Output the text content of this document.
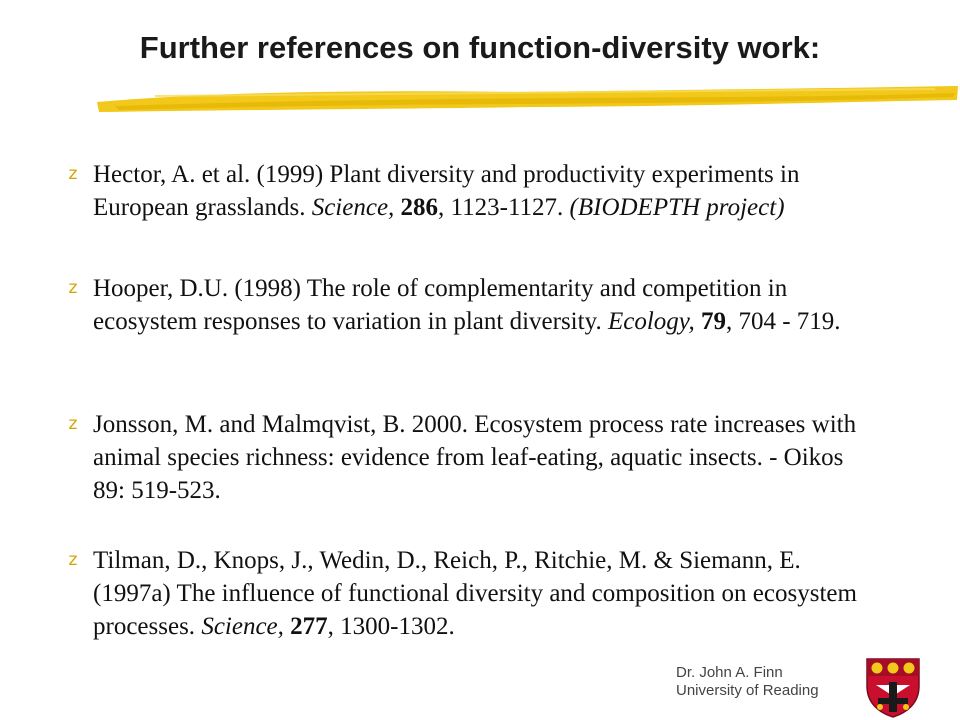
Further references on function-diversity work:
z Hector, A. et al. (1999) Plant diversity and productivity experiments in European grasslands. Science, 286, 1123-1127. (BIODEPTH project)
z Hooper, D.U. (1998) The role of complementarity and competition in ecosystem responses to variation in plant diversity. Ecology, 79, 704 - 719.
z Jonsson, M. and Malmqvist, B. 2000. Ecosystem process rate increases with animal species richness: evidence from leaf-eating, aquatic insects. - Oikos 89: 519-523.
z Tilman, D., Knops, J., Wedin, D., Reich, P., Ritchie, M. & Siemann, E. (1997a) The influence of functional diversity and composition on ecosystem processes. Science, 277, 1300-1302.
Dr. John A. Finn
University of Reading
